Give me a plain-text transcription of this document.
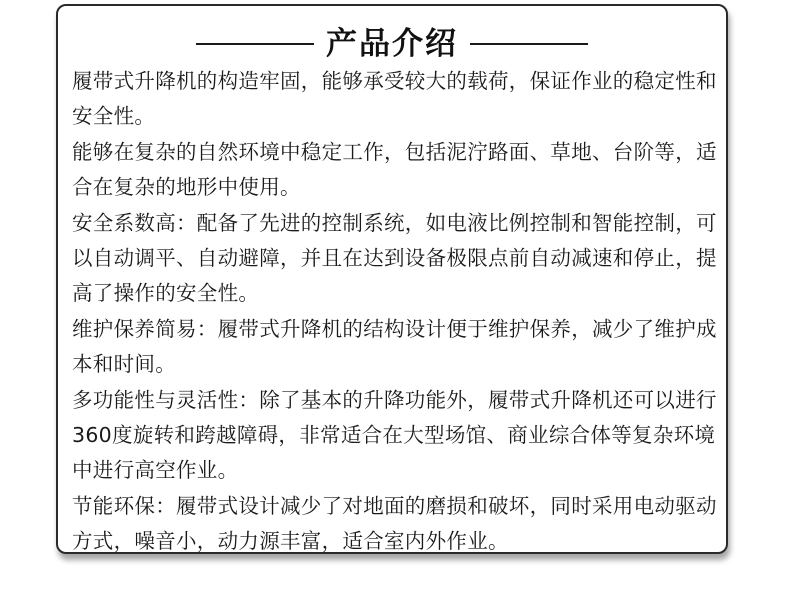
产品介绍

履带式升降机的构造牢固，能够承受较大的载荷，保证作业的稳定性和安全性。

能够在复杂的自然环境中稳定工作，包括泥泞路面、草地、台阶等，适合在复杂的地形中使用。

安全系数高：配备了先进的控制系统，如电液比例控制和智能控制，可以自动调平、自动避障，并且在达到设备极限点前自动减速和停止，提高了操作的安全性。

维护保养简易：履带式升降机的结构设计便于维护保养，减少了维护成本和时间。

多功能性与灵活性：除了基本的升降功能外，履带式升降机还可以进行360度旋转和跨越障碍，非常适合在大型场馆、商业综合体等复杂环境中进行高空作业。

节能环保：履带式设计减少了对地面的磨损和破坏，同时采用电动驱动方式，噪音小，动力源丰富，适合室内外作业。
